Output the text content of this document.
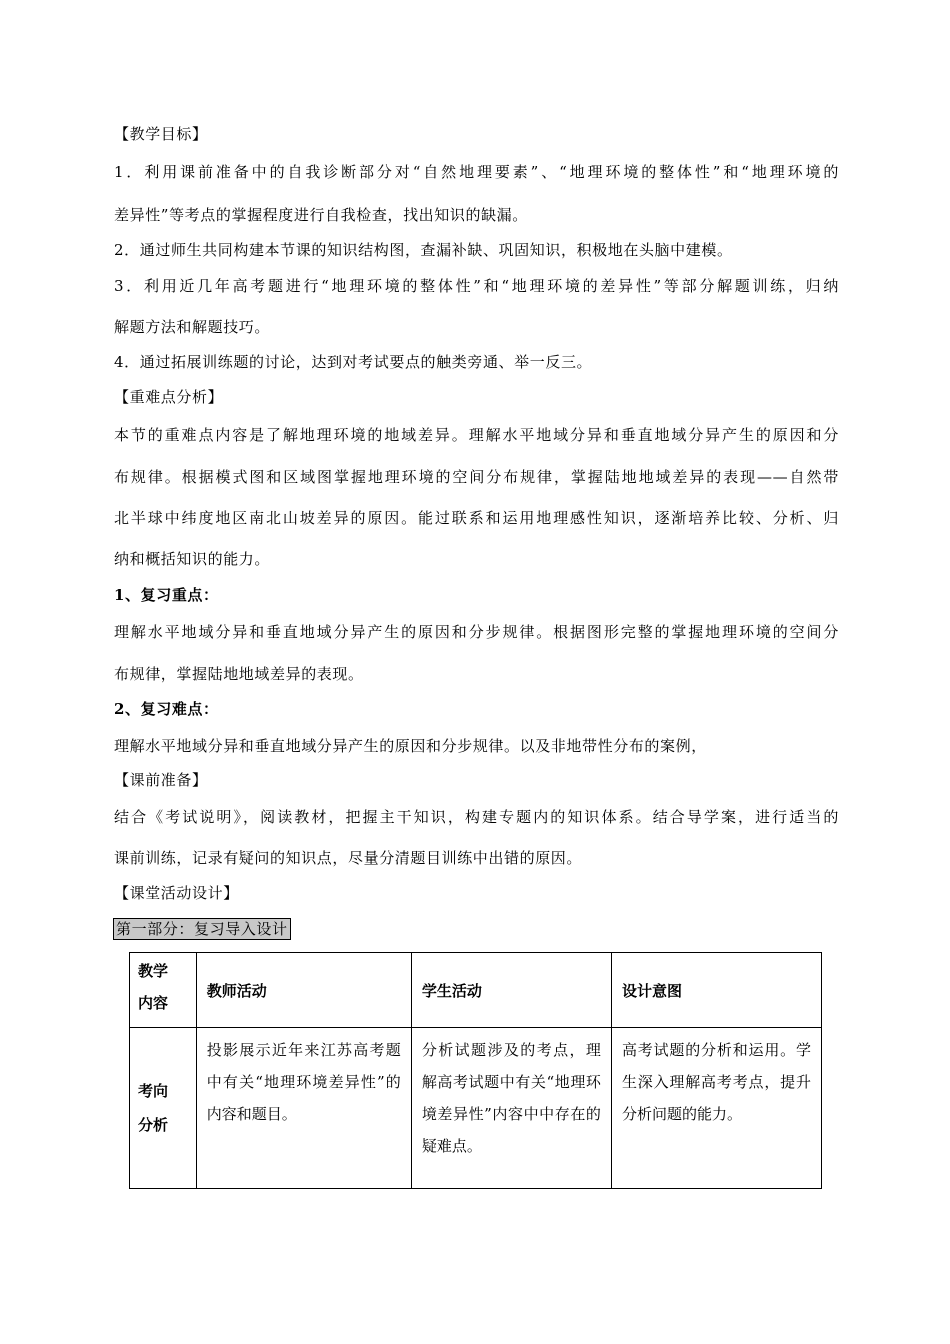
【教学目标】
1．利用课前准备中的自我诊断部分对“自然地理要素”、“地理环境的整体性”和“地理环境的
差异性”等考点的掌握程度进行自我检查，找出知识的缺漏。
2．通过师生共同构建本节课的知识结构图，查漏补缺、巩固知识，积极地在头脑中建模。
3．利用近几年高考题进行“地理环境的整体性”和“地理环境的差异性”等部分解题训练，归纳
解题方法和解题技巧。
4．通过拓展训练题的讨论，达到对考试要点的触类旁通、举一反三。
【重难点分析】
本节的重难点内容是了解地理环境的地域差异。理解水平地域分异和垂直地域分异产生的原因和分
布规律。根据模式图和区域图掌握地理环境的空间分布规律，掌握陆地地域差异的表现——自然带
北半球中纬度地区南北山坡差异的原因。能过联系和运用地理感性知识，逐渐培养比较、分析、归
纳和概括知识的能力。
1、复习重点：
理解水平地域分异和垂直地域分异产生的原因和分步规律。根据图形完整的掌握地理环境的空间分
布规律，掌握陆地地域差异的表现。
2、复习难点：
理解水平地域分异和垂直地域分异产生的原因和分步规律。以及非地带性分布的案例，
【课前准备】
结合《考试说明》，阅读教材，把握主干知识，构建专题内的知识体系。结合导学案，进行适当的
课前训练，记录有疑问的知识点，尽量分清题目训练中出错的原因。
【课堂活动设计】
第一部分：复习导入设计
教学
内容	教师活动	学生活动	设计意图

考向
分析	投影展示近年来江苏高考题中有关“地理环境差异性”的内容和题目。	分析试题涉及的考点，理解高考试题中有关“地理环境差异性”内容中中存在的疑难点。	高考试题的分析和运用。学生深入理解高考考点，提升分析问题的能力。
